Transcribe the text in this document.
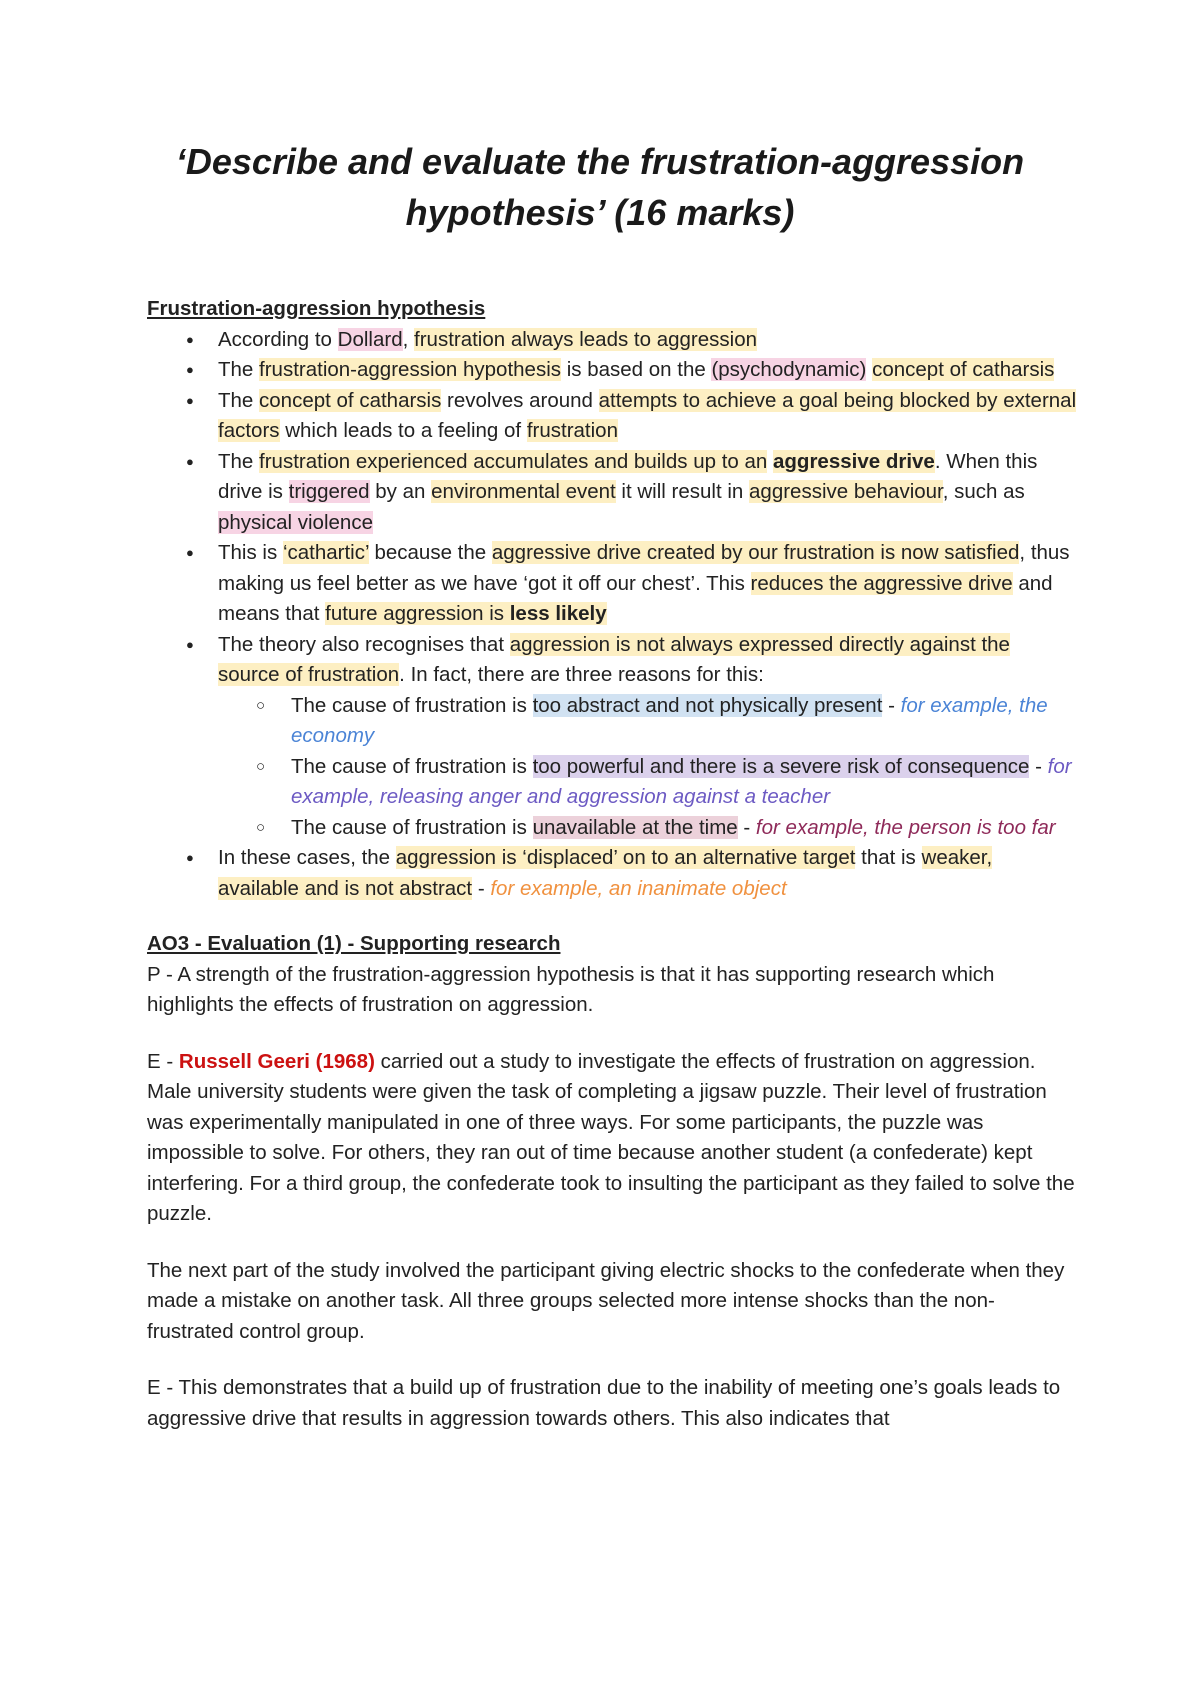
‘Describe and evaluate the frustration-aggression
hypothesis’ (16 marks)

Frustration-aggression hypothesis

● According to Dollard, frustration always leads to aggression
● The frustration-aggression hypothesis is based on the (psychodynamic) concept of catharsis
● The concept of catharsis revolves around attempts to achieve a goal being blocked by external factors which leads to a feeling of frustration
● The frustration experienced accumulates and builds up to an aggressive drive. When this drive is triggered by an environmental event it will result in aggressive behaviour, such as physical violence
● This is ‘cathartic’ because the aggressive drive created by our frustration is now satisfied, thus making us feel better as we have ‘got it off our chest’. This reduces the aggressive drive and means that future aggression is less likely
● The theory also recognises that aggression is not always expressed directly against the source of frustration. In fact, there are three reasons for this:
○ The cause of frustration is too abstract and not physically present - for example, the economy
○ The cause of frustration is too powerful and there is a severe risk of consequence - for example, releasing anger and aggression against a teacher
○ The cause of frustration is unavailable at the time - for example, the person is too far
● In these cases, the aggression is ‘displaced’ on to an alternative target that is weaker, available and is not abstract - for example, an inanimate object

AO3 - Evaluation (1) - Supporting research

P - A strength of the frustration-aggression hypothesis is that it has supporting research which highlights the effects of frustration on aggression.

E - Russell Geeri (1968) carried out a study to investigate the effects of frustration on aggression. Male university students were given the task of completing a jigsaw puzzle. Their level of frustration was experimentally manipulated in one of three ways. For some participants, the puzzle was impossible to solve. For others, they ran out of time because another student (a confederate) kept interfering. For a third group, the confederate took to insulting the participant as they failed to solve the puzzle.

The next part of the study involved the participant giving electric shocks to the confederate when they made a mistake on another task. All three groups selected more intense shocks than the non-frustrated control group.

E - This demonstrates that a build up of frustration due to the inability of meeting one’s goals leads to aggressive drive that results in aggression towards others. This also indicates that
